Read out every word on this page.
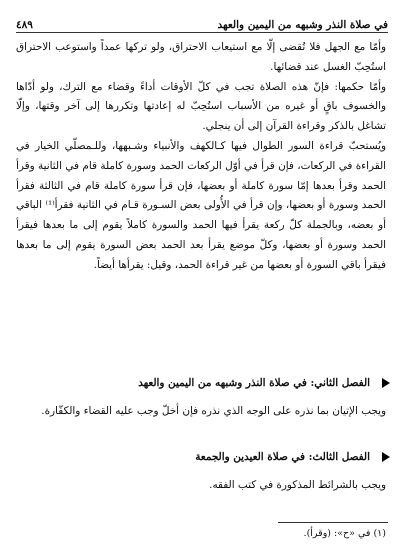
في صلاة النذر وشبهه من اليمين والعهد
٤٨٩

وأمّا مع الجهل فلا تُقضى إلّا مع استيعاب الاحتراق، ولو تركها عمداً واستوعب الاحتراق استُحِبّ الغسل عند قضائها.

وأمّا حكمها: فإنّ هذه الصلاة تجب في كلّ الأوقات أداءً وقضاء مع الترك، ولو أدّاها والخسوف باقٍ أو غيره من الأسباب استُحِبّ له إعادتها وتكررها إلى آخر وقتها، وإلّا تشاغل بالذكر وقراءة القرآن إلى أن ينجلي.

ويُستحبّ قراءة السور الطوال فيها كـالكهف والأنبياء وشـبهها، وللـمصلّي الخيار في القراءة في الركعات، فإن قرأ في أوّل الركعات الحمد وسورة كاملة قام في الثانية وقرأ الحمد وقرأ بعدها إمّا سورة كاملة أو بعضها، فإن قرأ سورة كاملة قام في الثالثة فقرأ الحمد وسورة أو بعضها، وإن قرأ في الأُولى بعض السـورة قـام في الثانية فقرأ⁽¹⁾ الباقي أو بعضه، وبالجملة كلّ ركعة يقرأ فيها الحمد والسورة كاملاً يقوم إلى ما بعدها فيقرأ الحمد وسورة أو بعضها، وكلّ موضع يقرأ بعد الحمد بعض السورة يقوم إلى ما بعدها فيقرأ باقي السورة أو بعضها من غير قراءة الحمد، وقيل: يقرأها أيضاً.

الفصل الثاني: في صلاة النذر وشبهه من اليمين والعهد
ويجب الإتيان بما نذره على الوجه الذي نذره فإن أخلّ وجب عليه القضاء والكفّارة.
الفصل الثالث: في صلاة العيدين والجمعة
ويجب بالشرائط المذكورة في كتب الفقه.
(١) في «ح»: (وقرأ).
